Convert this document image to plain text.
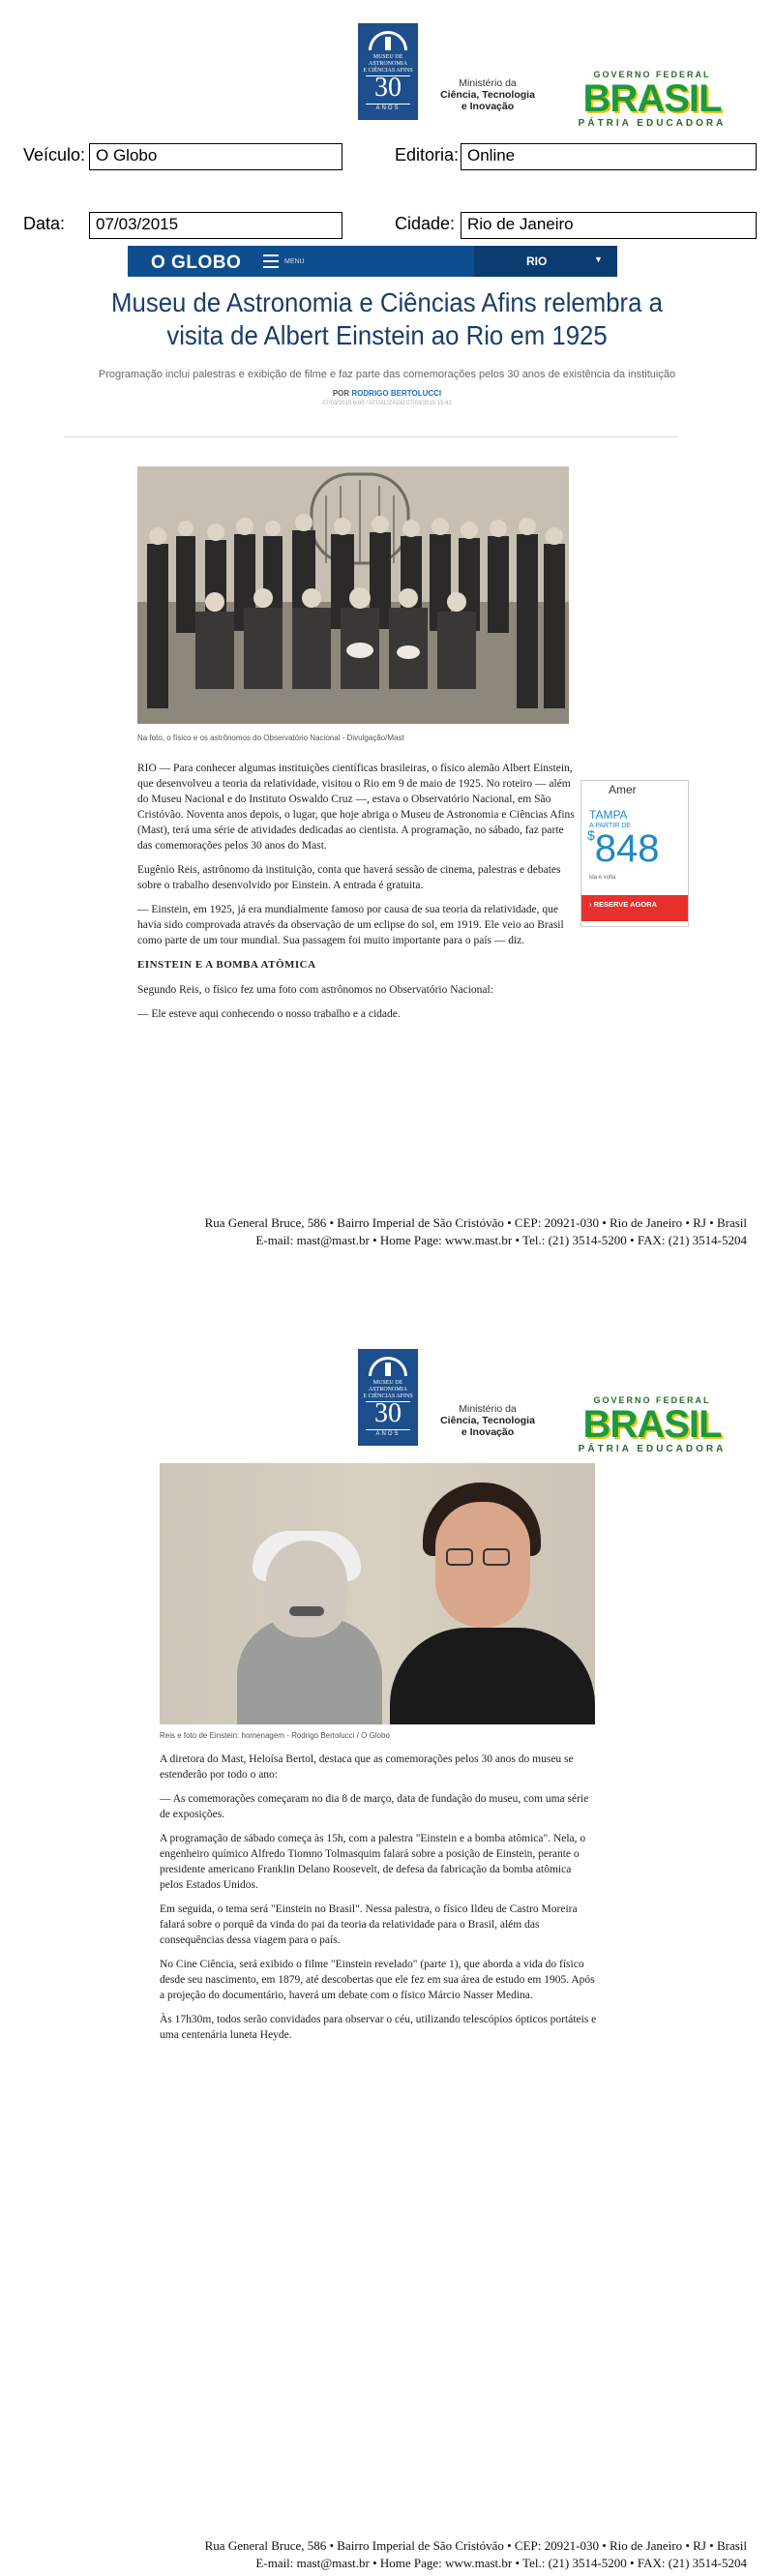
MUSEU DE
ASTRONOMIA
E CIÊNCIAS AFINS
30
ANOS
Ministério da
Ciência, Tecnologia
e Inovação
GOVERNO FEDERAL
BRASIL
PÁTRIA EDUCADORA
Veículo: O Globo	Editoria: Online
Data:	07/03/2015	Cidade: Rio de Janeiro
O GLOBO	MENU	RIO	▼
Museu de Astronomia e Ciências Afins relembra a
visita de Albert Einstein ao Rio em 1925
Programação inclui palestras e exibição de filme e faz parte das comemorações pelos 30 anos de existência da instituição
POR RODRIGO BERTOLUCCI
07/03/2015 6:00 / ATUALIZADO 07/03/2015 15:42
Na foto, o físico e os astrônomos do Observatório Nacional - Divulgação/Mast

RIO — Para conhecer algumas instituições científicas brasileiras, o físico alemão Albert Einstein, que desenvolveu a teoria da relatividade, visitou o Rio em 9 de maio de 1925. No roteiro — além do Museu Nacional e do Instituto Oswaldo Cruz —, estava o Observatório Nacional, em São Cristóvão. Noventa anos depois, o lugar, que hoje abriga o Museu de Astronomia e Ciências Afins (Mast), terá uma série de atividades dedicadas ao cientista. A programação, no sábado, faz parte das comemorações pelos 30 anos do Mast.

Eugênio Reis, astrônomo da instituição, conta que haverá sessão de cinema, palestras e debates sobre o trabalho desenvolvido por Einstein. A entrada é gratuita.

— Einstein, em 1925, já era mundialmente famoso por causa de sua teoria da relatividade, que havia sido comprovada através da observação de um eclipse do sol, em 1919. Ele veio ao Brasil como parte de um tour mundial. Sua passagem foi muito importante para o país — diz.

EINSTEIN E A BOMBA ATÔMICA

Segundo Reis, o físico fez uma foto com astrônomos no Observatório Nacional:

— Ele esteve aqui conhecendo o nosso trabalho e a cidade.

Amer
TAMPA
A PARTIR DE
$848
ida e volta
› RESERVE AGORA
Rua General Bruce, 586 • Bairro Imperial de São Cristóvão • CEP: 20921-030 • Rio de Janeiro • RJ • Brasil
E-mail: mast@mast.br • Home Page: www.mast.br • Tel.: (21) 3514-5200 • FAX: (21) 3514-5204
MUSEU DE
ASTRONOMIA
E CIÊNCIAS AFINS
30
ANOS
Ministério da
Ciência, Tecnologia
e Inovação
GOVERNO FEDERAL
BRASIL
PÁTRIA EDUCADORA
Reis e foto de Einstein: homenagem - Rodrigo Bertolucci / O Globo

A diretora do Mast, Heloísa Bertol, destaca que as comemorações pelos 30 anos do museu se estenderão por todo o ano:

— As comemorações começaram no dia 8 de março, data de fundação do museu, com uma série de exposições.

A programação de sábado começa às 15h, com a palestra "Einstein e a bomba atômica". Nela, o engenheiro químico Alfredo Tiomno Tolmasquim falará sobre a posição de Einstein, perante o presidente americano Franklin Delano Roosevelt, de defesa da fabricação da bomba atômica pelos Estados Unidos.

Em seguida, o tema será "Einstein no Brasil". Nessa palestra, o físico Ildeu de Castro Moreira falará sobre o porquê da vinda do pai da teoria da relatividade para o Brasil, além das consequências dessa viagem para o país.

No Cine Ciência, será exibido o filme "Einstein revelado" (parte 1), que aborda a vida do físico desde seu nascimento, em 1879, até descobertas que ele fez em sua área de estudo em 1905. Após a projeção do documentário, haverá um debate com o físico Márcio Nasser Medina.

Às 17h30m, todos serão convidados para observar o céu, utilizando telescópios ópticos portáteis e uma centenária luneta Heyde.

Rua General Bruce, 586 • Bairro Imperial de São Cristóvão • CEP: 20921-030 • Rio de Janeiro • RJ • Brasil
E-mail: mast@mast.br • Home Page: www.mast.br • Tel.: (21) 3514-5200 • FAX: (21) 3514-5204
